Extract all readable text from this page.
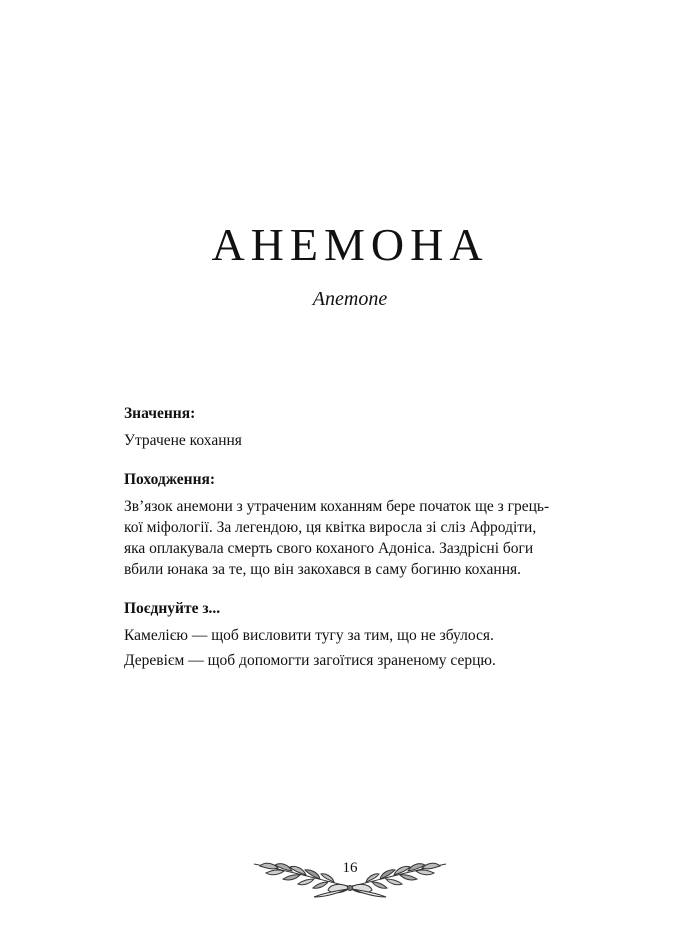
АНЕМОНА

Anemone

Значення:

Утрачене кохання

Походження:

Зв’язок анемони з утраченим коханням бере початок ще з грець-
кої міфології. За легендою, ця квітка виросла зі сліз Афродіти,
яка оплакувала смерть свого коханого Адоніса. Заздрісні боги
вбили юнака за те, що він закохався в саму богиню кохання.

Поєднуйте з...

Камелією — щоб висловити тугу за тим, що не збулося.
Деревієм — щоб допомогти загоїтися зраненому серцю.
16
